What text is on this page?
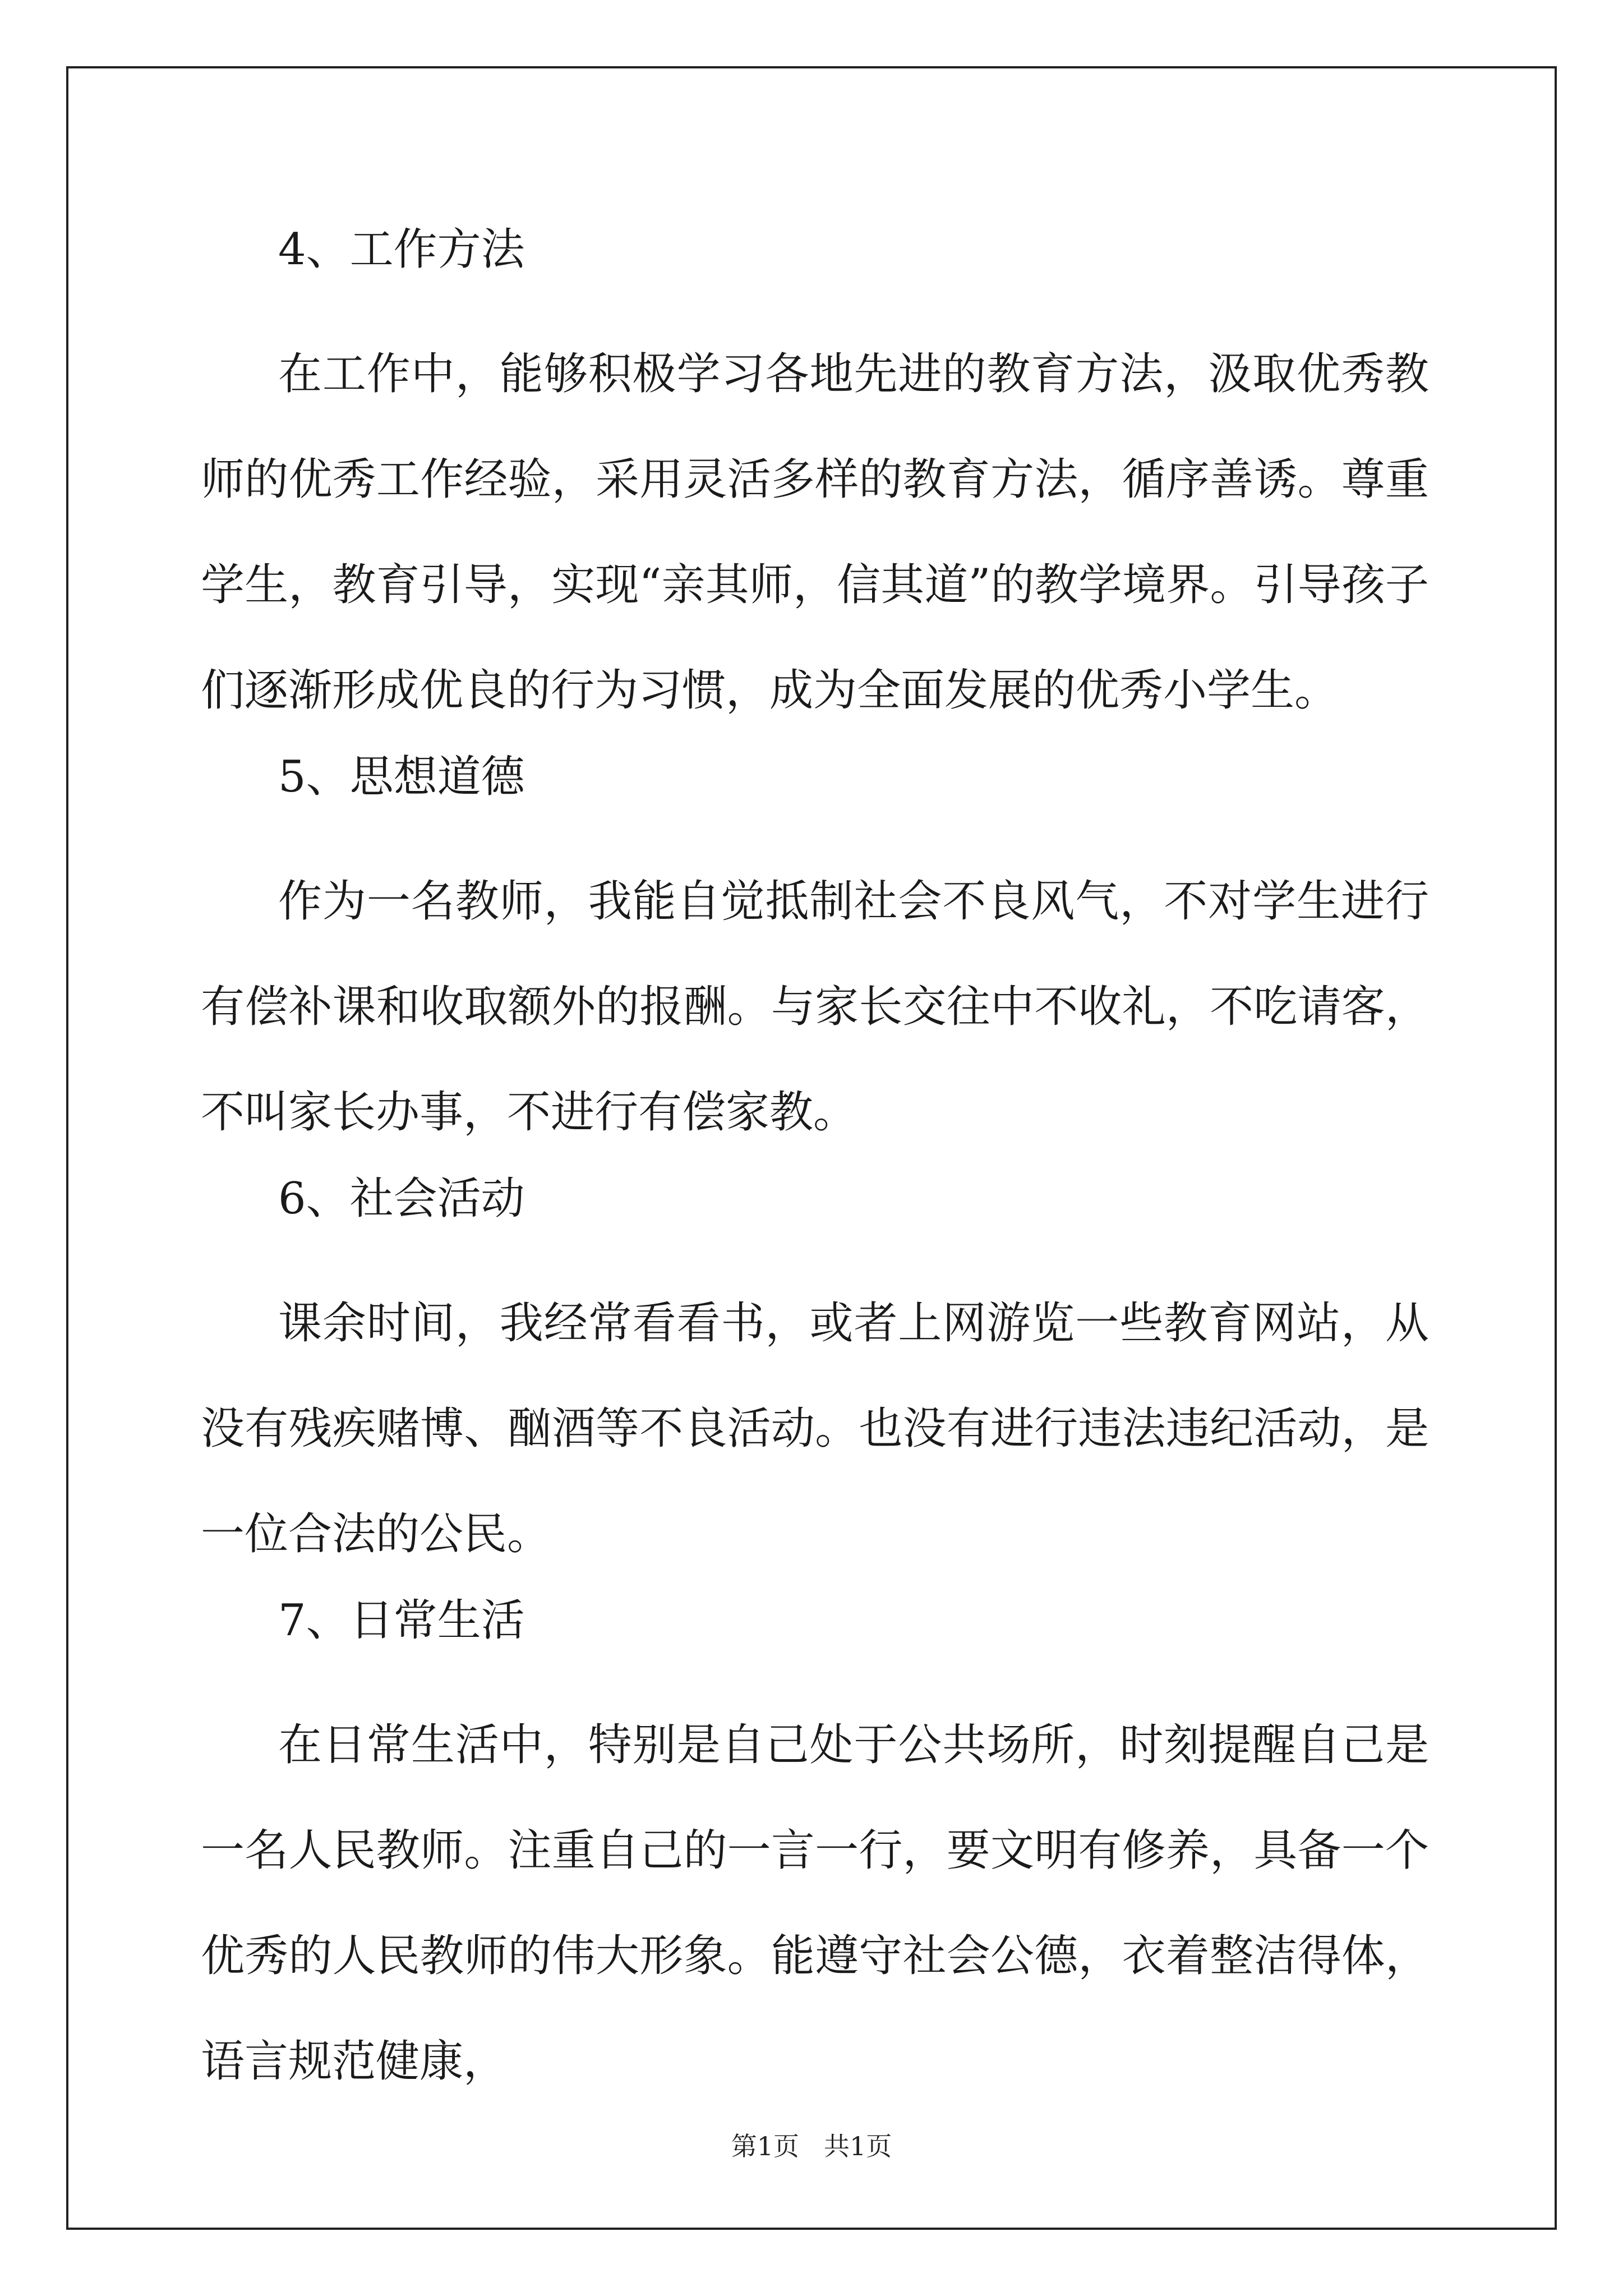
4、工作方法

在工作中，能够积极学习各地先进的教育方法，汲取优秀教师的优秀工作经验，采用灵活多样的教育方法，循序善诱。尊重学生，教育引导，实现“亲其师，信其道”的教学境界。引导孩子们逐渐形成优良的行为习惯，成为全面发展的优秀小学生。

5、思想道德

作为一名教师，我能自觉抵制社会不良风气，不对学生进行有偿补课和收取额外的报酬。与家长交往中不收礼，不吃请客，不叫家长办事，不进行有偿家教。

6、社会活动

课余时间，我经常看看书，或者上网游览一些教育网站，从没有残疾赌博、酗酒等不良活动。也没有进行违法违纪活动，是一位合法的公民。

7、日常生活

在日常生活中，特别是自己处于公共场所，时刻提醒自己是一名人民教师。注重自己的一言一行，要文明有修养，具备一个优秀的人民教师的伟大形象。能遵守社会公德，衣着整洁得体，语言规范健康，

第1页 共1页
